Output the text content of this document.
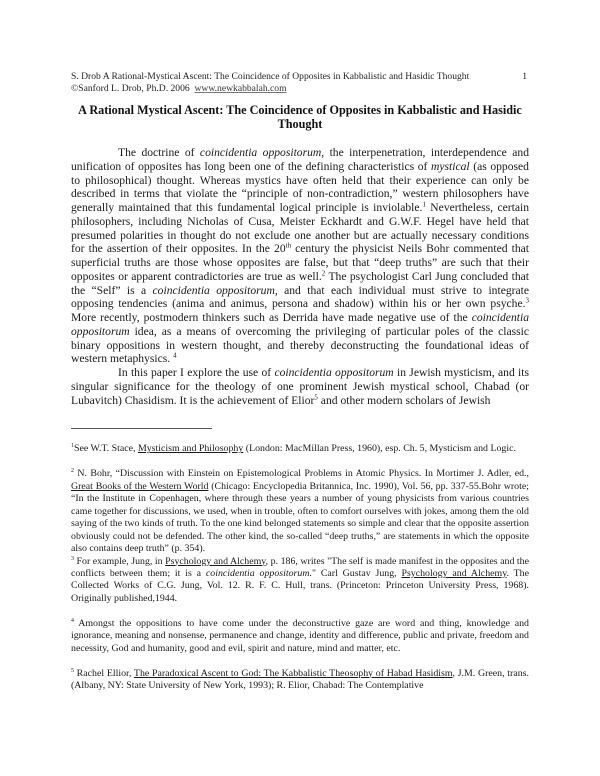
S. Drob A Rational-Mystical Ascent: The Coincidence of Opposites in Kabbalistic and Hasidic Thought	1
©Sanford L. Drob, Ph.D. 2006
www.newkabbalah.com
A Rational Mystical Ascent: The Coincidence of Opposites in Kabbalistic and Hasidic Thought

The doctrine of coincidentia oppositorum, the interpenetration, interdependence and unification of opposites has long been one of the defining characteristics of mystical (as opposed to philosophical) thought. Whereas mystics have often held that their experience can only be described in terms that violate the “principle of non-contradiction,” western philosophers have generally maintained that this fundamental logical principle is inviolable.$^1$ Nevertheless, certain philosophers, including Nicholas of Cusa, Meister Eckhardt and G.W.F. Hegel have held that presumed polarities in thought do not exclude one another but are actually necessary conditions for the assertion of their opposites. In the 20th century the physicist Neils Bohr commented that superficial truths are those whose opposites are false, but that “deep truths” are such that their opposites or apparent contradictories are true as well.$^2$ The psychologist Carl Jung concluded that the “Self” is a coincidentia oppositorum, and that each individual must strive to integrate opposing tendencies (anima and animus, persona and shadow) within his or her own psyche.$^3$ More recently, postmodern thinkers such as Derrida have made negative use of the coincidentia oppositorum idea, as a means of overcoming the privileging of particular poles of the classic binary oppositions in western thought, and thereby deconstructing the foundational ideas of western metaphysics. $^4$

In this paper I explore the use of coincidentia oppositorum in Jewish mysticism, and its singular significance for the theology of one prominent Jewish mystical school, Chabad (or Lubavitch) Chasidism. It is the achievement of Elior$^5$ and other modern scholars of Jewish

$^1$See W.T. Stace, Mysticism and Philosophy (London: MacMillan Press, 1960), esp. Ch. 5, Mysticism and Logic.

$^2$ N. Bohr, “Discussion with Einstein on Epistemological Problems in Atomic Physics. In Mortimer J. Adler, ed., Great Books of the Western World (Chicago: Encyclopedia Britannica, Inc. 1990), Vol. 56, pp. 337-55.Bohr wrote; “In the Institute in Copenhagen, where through these years a number of young physicists from various countries came together for discussions, we used, when in trouble, often to comfort ourselves with jokes, among them the old saying of the two kinds of truth. To the one kind belonged statements so simple and clear that the opposite assertion obviously could not be defended. The other kind, the so-called “deep truths,” are statements in which the opposite also contains deep truth” (p. 354).

$^3$ For example, Jung, in Psychology and Alchemy, p. 186, writes "The self is made manifest in the opposites and the conflicts between them; it is a coincidentia oppositorum." Carl Gustav Jung, Psychology and Alchemy. The Collected Works of C.G. Jung, Vol. 12. R. F. C. Hull, trans. (Princeton: Princeton University Press, 1968). Originally published,1944.

$^4$ Amongst the oppositions to have come under the deconstructive gaze are word and thing, knowledge and ignorance, meaning and nonsense, permanence and change, identity and difference, public and private, freedom and necessity, God and humanity, good and evil, spirit and nature, mind and matter, etc.

$^5$ Rachel Ellior, The Paradoxical Ascent to God: The Kabbalistic Theosophy of Habad Hasidism, J.M. Green, trans. (Albany, NY: State University of New York, 1993); R. Elior, Chabad: The Contemplative
